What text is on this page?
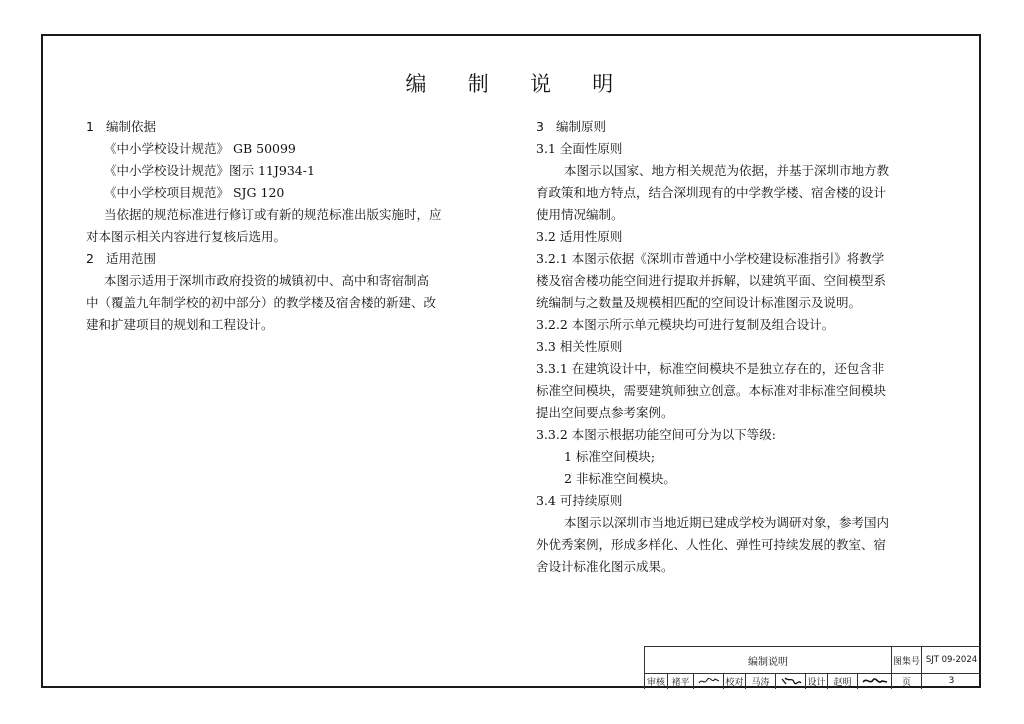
编 制 说 明

1 编制依据

《中小学校设计规范》 GB 50099

《中小学校设计规范》图示 11J934-1

《中小学校项目规范》 SJG 120

当依据的规范标准进行修订或有新的规范标准出版实施时，应

对本图示相关内容进行复核后选用。

2 适用范围

本图示适用于深圳市政府投资的城镇初中、高中和寄宿制高

中（覆盖九年制学校的初中部分）的教学楼及宿舍楼的新建、改

建和扩建项目的规划和工程设计。

3 编制原则

3.1 全面性原则

本图示以国家、地方相关规范为依据，并基于深圳市地方教

育政策和地方特点，结合深圳现有的中学教学楼、宿舍楼的设计

使用情况编制。

3.2 适用性原则

3.2.1 本图示依据《深圳市普通中小学校建设标准指引》将教学

楼及宿舍楼功能空间进行提取并拆解，以建筑平面、空间模型系

统编制与之数量及规模相匹配的空间设计标准图示及说明。

3.2.2 本图示所示单元模块均可进行复制及组合设计。

3.3 相关性原则

3.3.1 在建筑设计中，标准空间模块不是独立存在的，还包含非

标准空间模块，需要建筑师独立创意。本标准对非标准空间模块

提出空间要点参考案例。

3.3.2 本图示根据功能空间可分为以下等级:

1 标准空间模块;

2 非标准空间模块。

3.4 可持续原则

本图示以深圳市当地近期已建成学校为调研对象，参考国内

外优秀案例，形成多样化、人性化、弹性可持续发展的教室、宿

舍设计标准化图示成果。

编制说明	图集号 SJT 09-2024
审核 褚平	校对 马涛	设计 赵明	页	3
